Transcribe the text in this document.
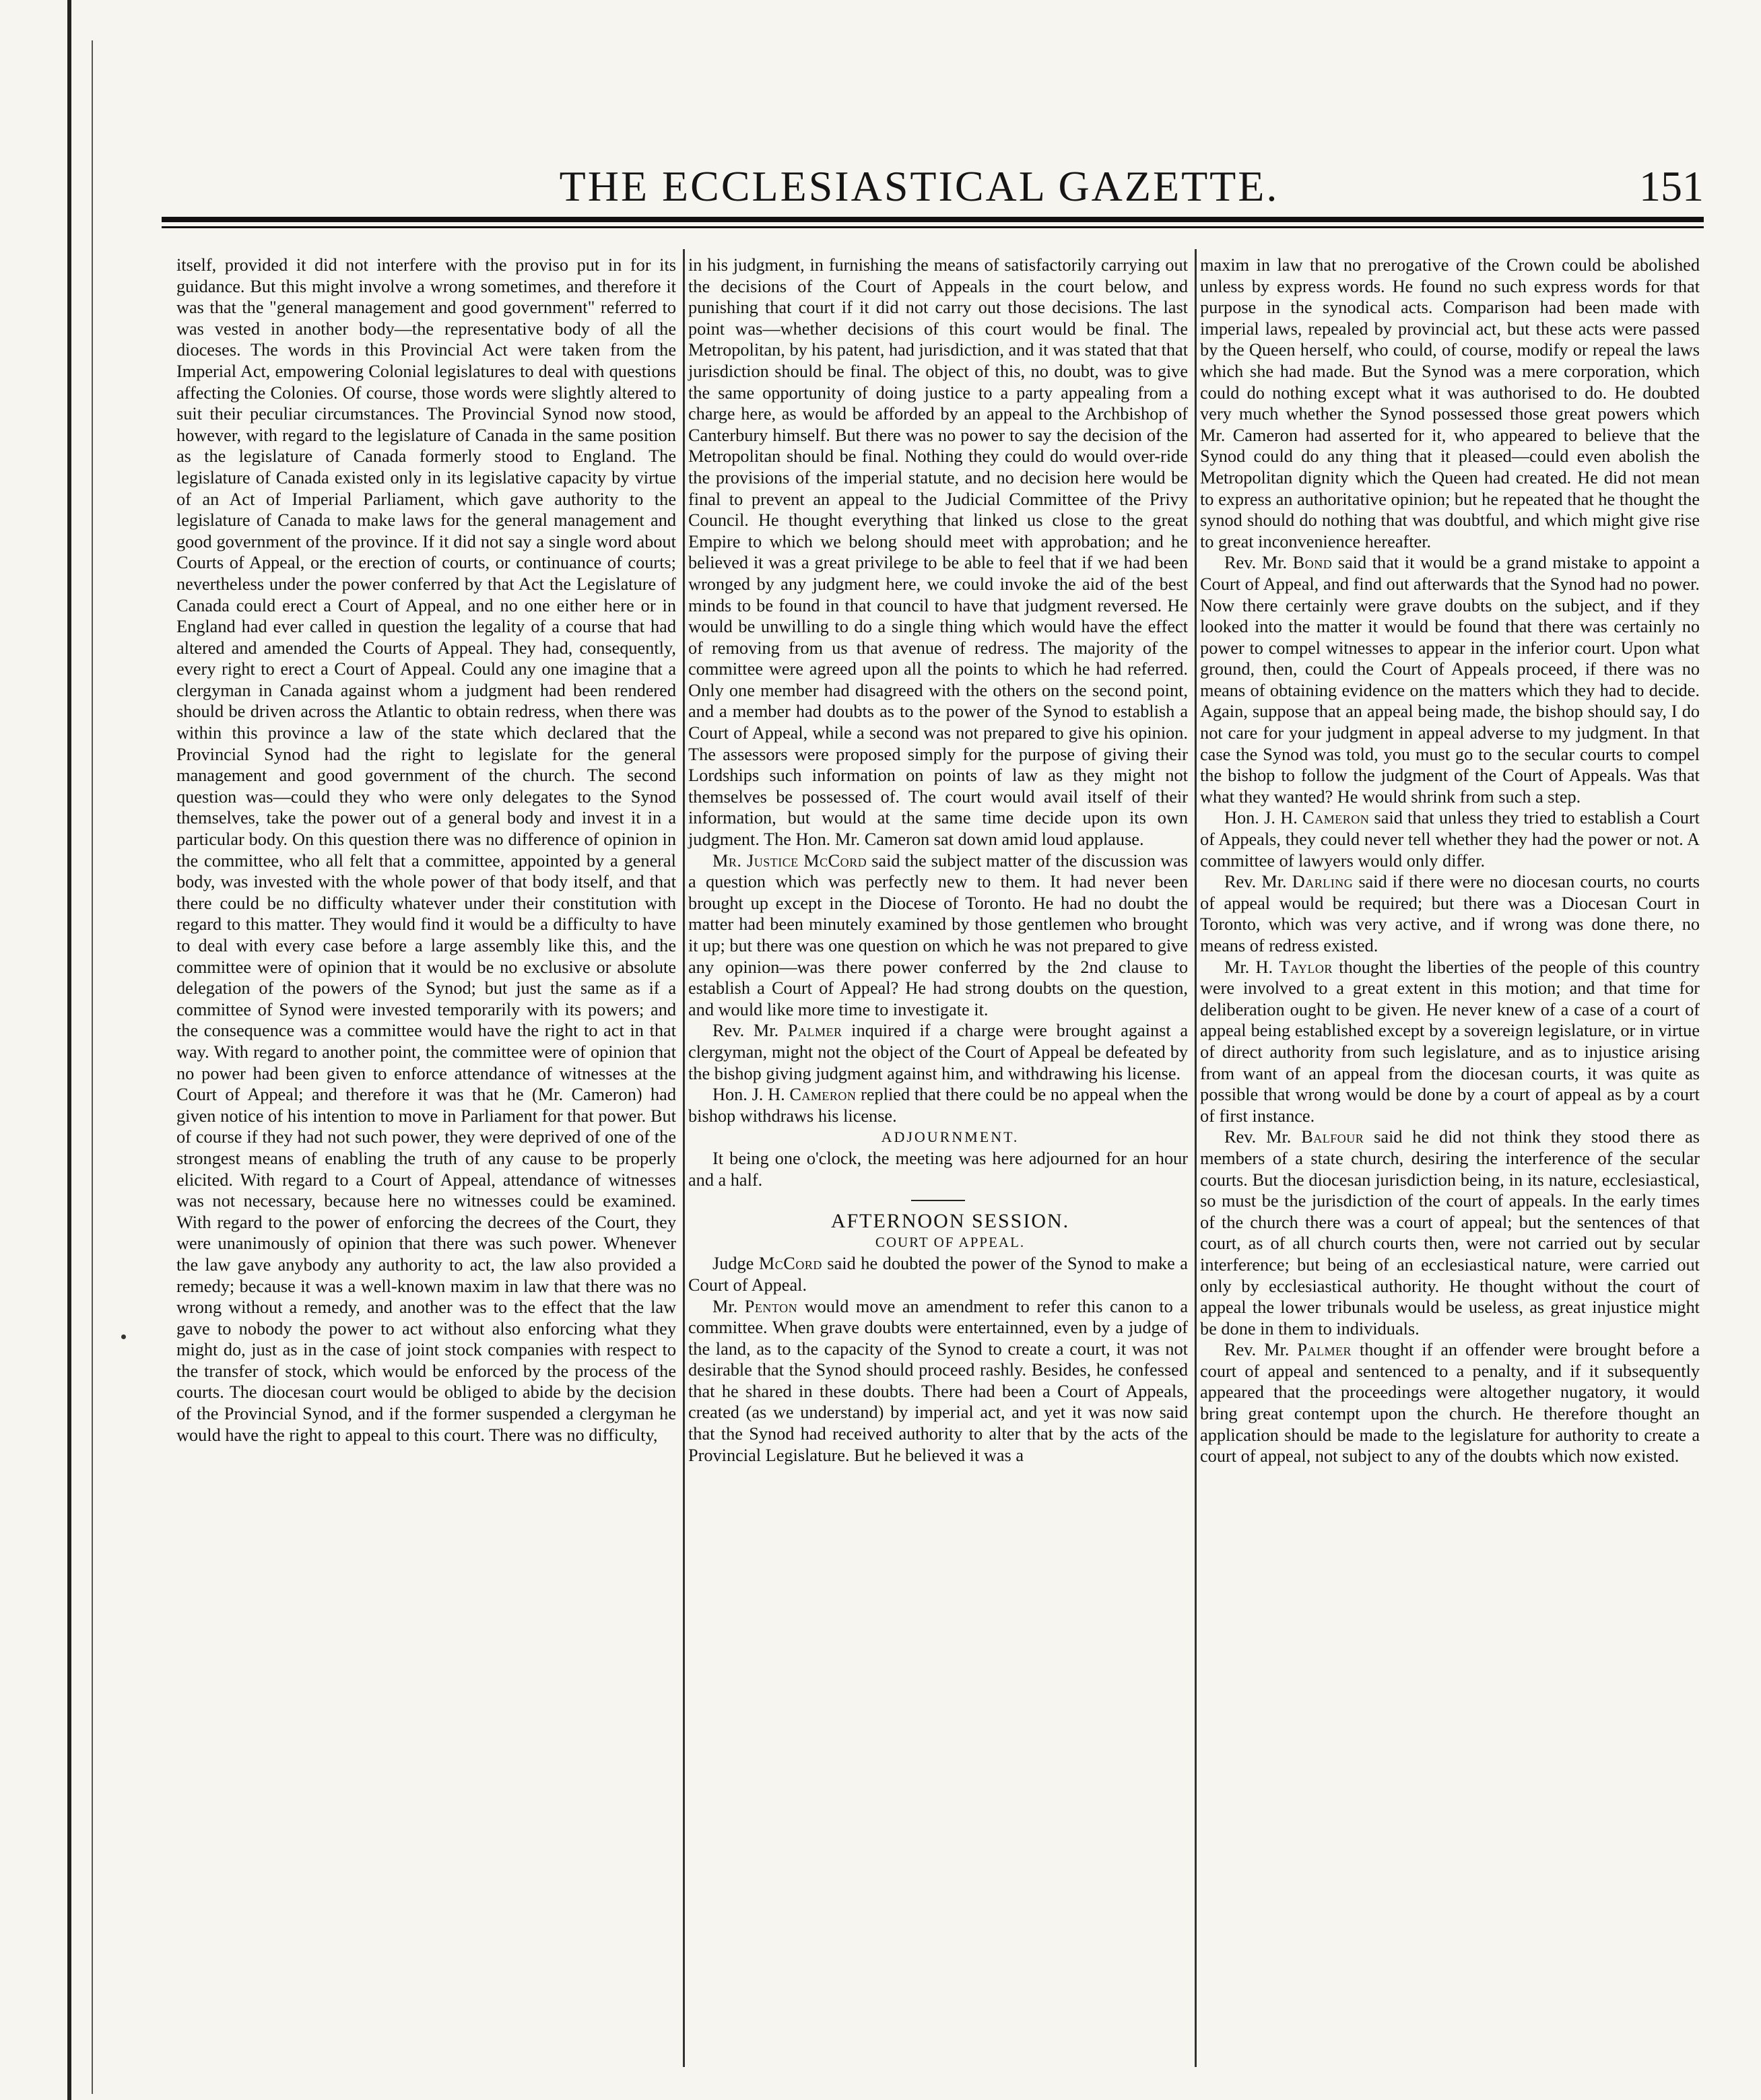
THE ECCLESIASTICAL GAZETTE.	151

itself, provided it did not interfere with the proviso put in for its guidance. But this might involve a wrong sometimes, and therefore it was that the "general management and good government" referred to was vested in another body—the representative body of all the dioceses. The words in this Provincial Act were taken from the Imperial Act, empowering Colonial legislatures to deal with questions affecting the Colonies. Of course, those words were slightly altered to suit their peculiar circumstances. The Provincial Synod now stood, however, with regard to the legislature of Canada in the same position as the legislature of Canada formerly stood to England. The legislature of Canada existed only in its legislative capacity by virtue of an Act of Imperial Parliament, which gave authority to the legislature of Canada to make laws for the general management and good government of the province. If it did not say a single word about Courts of Appeal, or the erection of courts, or continuance of courts; nevertheless under the power conferred by that Act the Legislature of Canada could erect a Court of Appeal, and no one either here or in England had ever called in question the legality of a course that had altered and amended the Courts of Appeal. They had, consequently, every right to erect a Court of Appeal. Could any one imagine that a clergyman in Canada against whom a judgment had been rendered should be driven across the Atlantic to obtain redress, when there was within this province a law of the state which declared that the Provincial Synod had the right to legislate for the general management and good government of the church. The second question was—could they who were only delegates to the Synod themselves, take the power out of a general body and invest it in a particular body. On this question there was no difference of opinion in the committee, who all felt that a committee, appointed by a general body, was invested with the whole power of that body itself, and that there could be no difficulty whatever under their constitution with regard to this matter. They would find it would be a difficulty to have to deal with every case before a large assembly like this, and the committee were of opinion that it would be no exclusive or absolute delegation of the powers of the Synod; but just the same as if a committee of Synod were invested temporarily with its powers; and the consequence was a committee would have the right to act in that way. With regard to another point, the committee were of opinion that no power had been given to enforce attendance of witnesses at the Court of Appeal; and therefore it was that he (Mr. Cameron) had given notice of his intention to move in Parliament for that power. But of course if they had not such power, they were deprived of one of the strongest means of enabling the truth of any cause to be properly elicited. With regard to a Court of Appeal, attendance of witnesses was not necessary, because here no witnesses could be examined. With regard to the power of enforcing the decrees of the Court, they were unanimously of opinion that there was such power. Whenever the law gave anybody any authority to act, the law also provided a remedy; because it was a well-known maxim in law that there was no wrong without a remedy, and another was to the effect that the law gave to nobody the power to act without also enforcing what they might do, just as in the case of joint stock companies with respect to the transfer of stock, which would be enforced by the process of the courts. The diocesan court would be obliged to abide by the decision of the Provincial Synod, and if the former suspended a clergyman he would have the right to appeal to this court. There was no difficulty,

in his judgment, in furnishing the means of satisfactorily carrying out the decisions of the Court of Appeals in the court below, and punishing that court if it did not carry out those decisions. The last point was—whether decisions of this court would be final. The Metropolitan, by his patent, had jurisdiction, and it was stated that that jurisdiction should be final. The object of this, no doubt, was to give the same opportunity of doing justice to a party appealing from a charge here, as would be afforded by an appeal to the Archbishop of Canterbury himself. But there was no power to say the decision of the Metropolitan should be final. Nothing they could do would over-ride the provisions of the imperial statute, and no decision here would be final to prevent an appeal to the Judicial Committee of the Privy Council. He thought everything that linked us close to the great Empire to which we belong should meet with approbation; and he believed it was a great privilege to be able to feel that if we had been wronged by any judgment here, we could invoke the aid of the best minds to be found in that council to have that judgment reversed. He would be unwilling to do a single thing which would have the effect of removing from us that avenue of redress. The majority of the committee were agreed upon all the points to which he had referred. Only one member had disagreed with the others on the second point, and a member had doubts as to the power of the Synod to establish a Court of Appeal, while a second was not prepared to give his opinion. The assessors were proposed simply for the purpose of giving their Lordships such information on points of law as they might not themselves be possessed of. The court would avail itself of their information, but would at the same time decide upon its own judgment. The Hon. Mr. Cameron sat down amid loud applause.

Mr. Justice McCord said the subject matter of the discussion was a question which was perfectly new to them. It had never been brought up except in the Diocese of Toronto. He had no doubt the matter had been minutely examined by those gentlemen who brought it up; but there was one question on which he was not prepared to give any opinion—was there power conferred by the 2nd clause to establish a Court of Appeal? He had strong doubts on the question, and would like more time to investigate it.

Rev. Mr. Palmer inquired if a charge were brought against a clergyman, might not the object of the Court of Appeal be defeated by the bishop giving judgment against him, and withdrawing his license.

Hon. J. H. Cameron replied that there could be no appeal when the bishop withdraws his license.

ADJOURNMENT.

It being one o'clock, the meeting was here adjourned for an hour and a half.

AFTERNOON SESSION.

COURT OF APPEAL.

Judge McCord said he doubted the power of the Synod to make a Court of Appeal.

Mr. Penton would move an amendment to refer this canon to a committee. When grave doubts were entertainned, even by a judge of the land, as to the capacity of the Synod to create a court, it was not desirable that the Synod should proceed rashly. Besides, he confessed that he shared in these doubts. There had been a Court of Appeals, created (as we understand) by imperial act, and yet it was now said that the Synod had received authority to alter that by the acts of the Provincial Legislature. But he believed it was a

maxim in law that no prerogative of the Crown could be abolished unless by express words. He found no such express words for that purpose in the synodical acts. Comparison had been made with imperial laws, repealed by provincial act, but these acts were passed by the Queen herself, who could, of course, modify or repeal the laws which she had made. But the Synod was a mere corporation, which could do nothing except what it was authorised to do. He doubted very much whether the Synod possessed those great powers which Mr. Cameron had asserted for it, who appeared to believe that the Synod could do any thing that it pleased—could even abolish the Metropolitan dignity which the Queen had created. He did not mean to express an authoritative opinion; but he repeated that he thought the synod should do nothing that was doubtful, and which might give rise to great inconvenience hereafter.

Rev. Mr. Bond said that it would be a grand mistake to appoint a Court of Appeal, and find out afterwards that the Synod had no power. Now there certainly were grave doubts on the subject, and if they looked into the matter it would be found that there was certainly no power to compel witnesses to appear in the inferior court. Upon what ground, then, could the Court of Appeals proceed, if there was no means of obtaining evidence on the matters which they had to decide. Again, suppose that an appeal being made, the bishop should say, I do not care for your judgment in appeal adverse to my judgment. In that case the Synod was told, you must go to the secular courts to compel the bishop to follow the judgment of the Court of Appeals. Was that what they wanted? He would shrink from such a step.

Hon. J. H. Cameron said that unless they tried to establish a Court of Appeals, they could never tell whether they had the power or not. A committee of lawyers would only differ.

Rev. Mr. Darling said if there were no diocesan courts, no courts of appeal would be required; but there was a Diocesan Court in Toronto, which was very active, and if wrong was done there, no means of redress existed.

Mr. H. Taylor thought the liberties of the people of this country were involved to a great extent in this motion; and that time for deliberation ought to be given. He never knew of a case of a court of appeal being established except by a sovereign legislature, or in virtue of direct authority from such legislature, and as to injustice arising from want of an appeal from the diocesan courts, it was quite as possible that wrong would be done by a court of appeal as by a court of first instance.

Rev. Mr. Balfour said he did not think they stood there as members of a state church, desiring the interference of the secular courts. But the diocesan jurisdiction being, in its nature, ecclesiastical, so must be the jurisdiction of the court of appeals. In the early times of the church there was a court of appeal; but the sentences of that court, as of all church courts then, were not carried out by secular interference; but being of an ecclesiastical nature, were carried out only by ecclesiastical authority. He thought without the court of appeal the lower tribunals would be useless, as great injustice might be done in them to individuals.

Rev. Mr. Palmer thought if an offender were brought before a court of appeal and sentenced to a penalty, and if it subsequently appeared that the proceedings were altogether nugatory, it would bring great contempt upon the church. He therefore thought an application should be made to the legislature for authority to create a court of appeal, not subject to any of the doubts which now existed.
